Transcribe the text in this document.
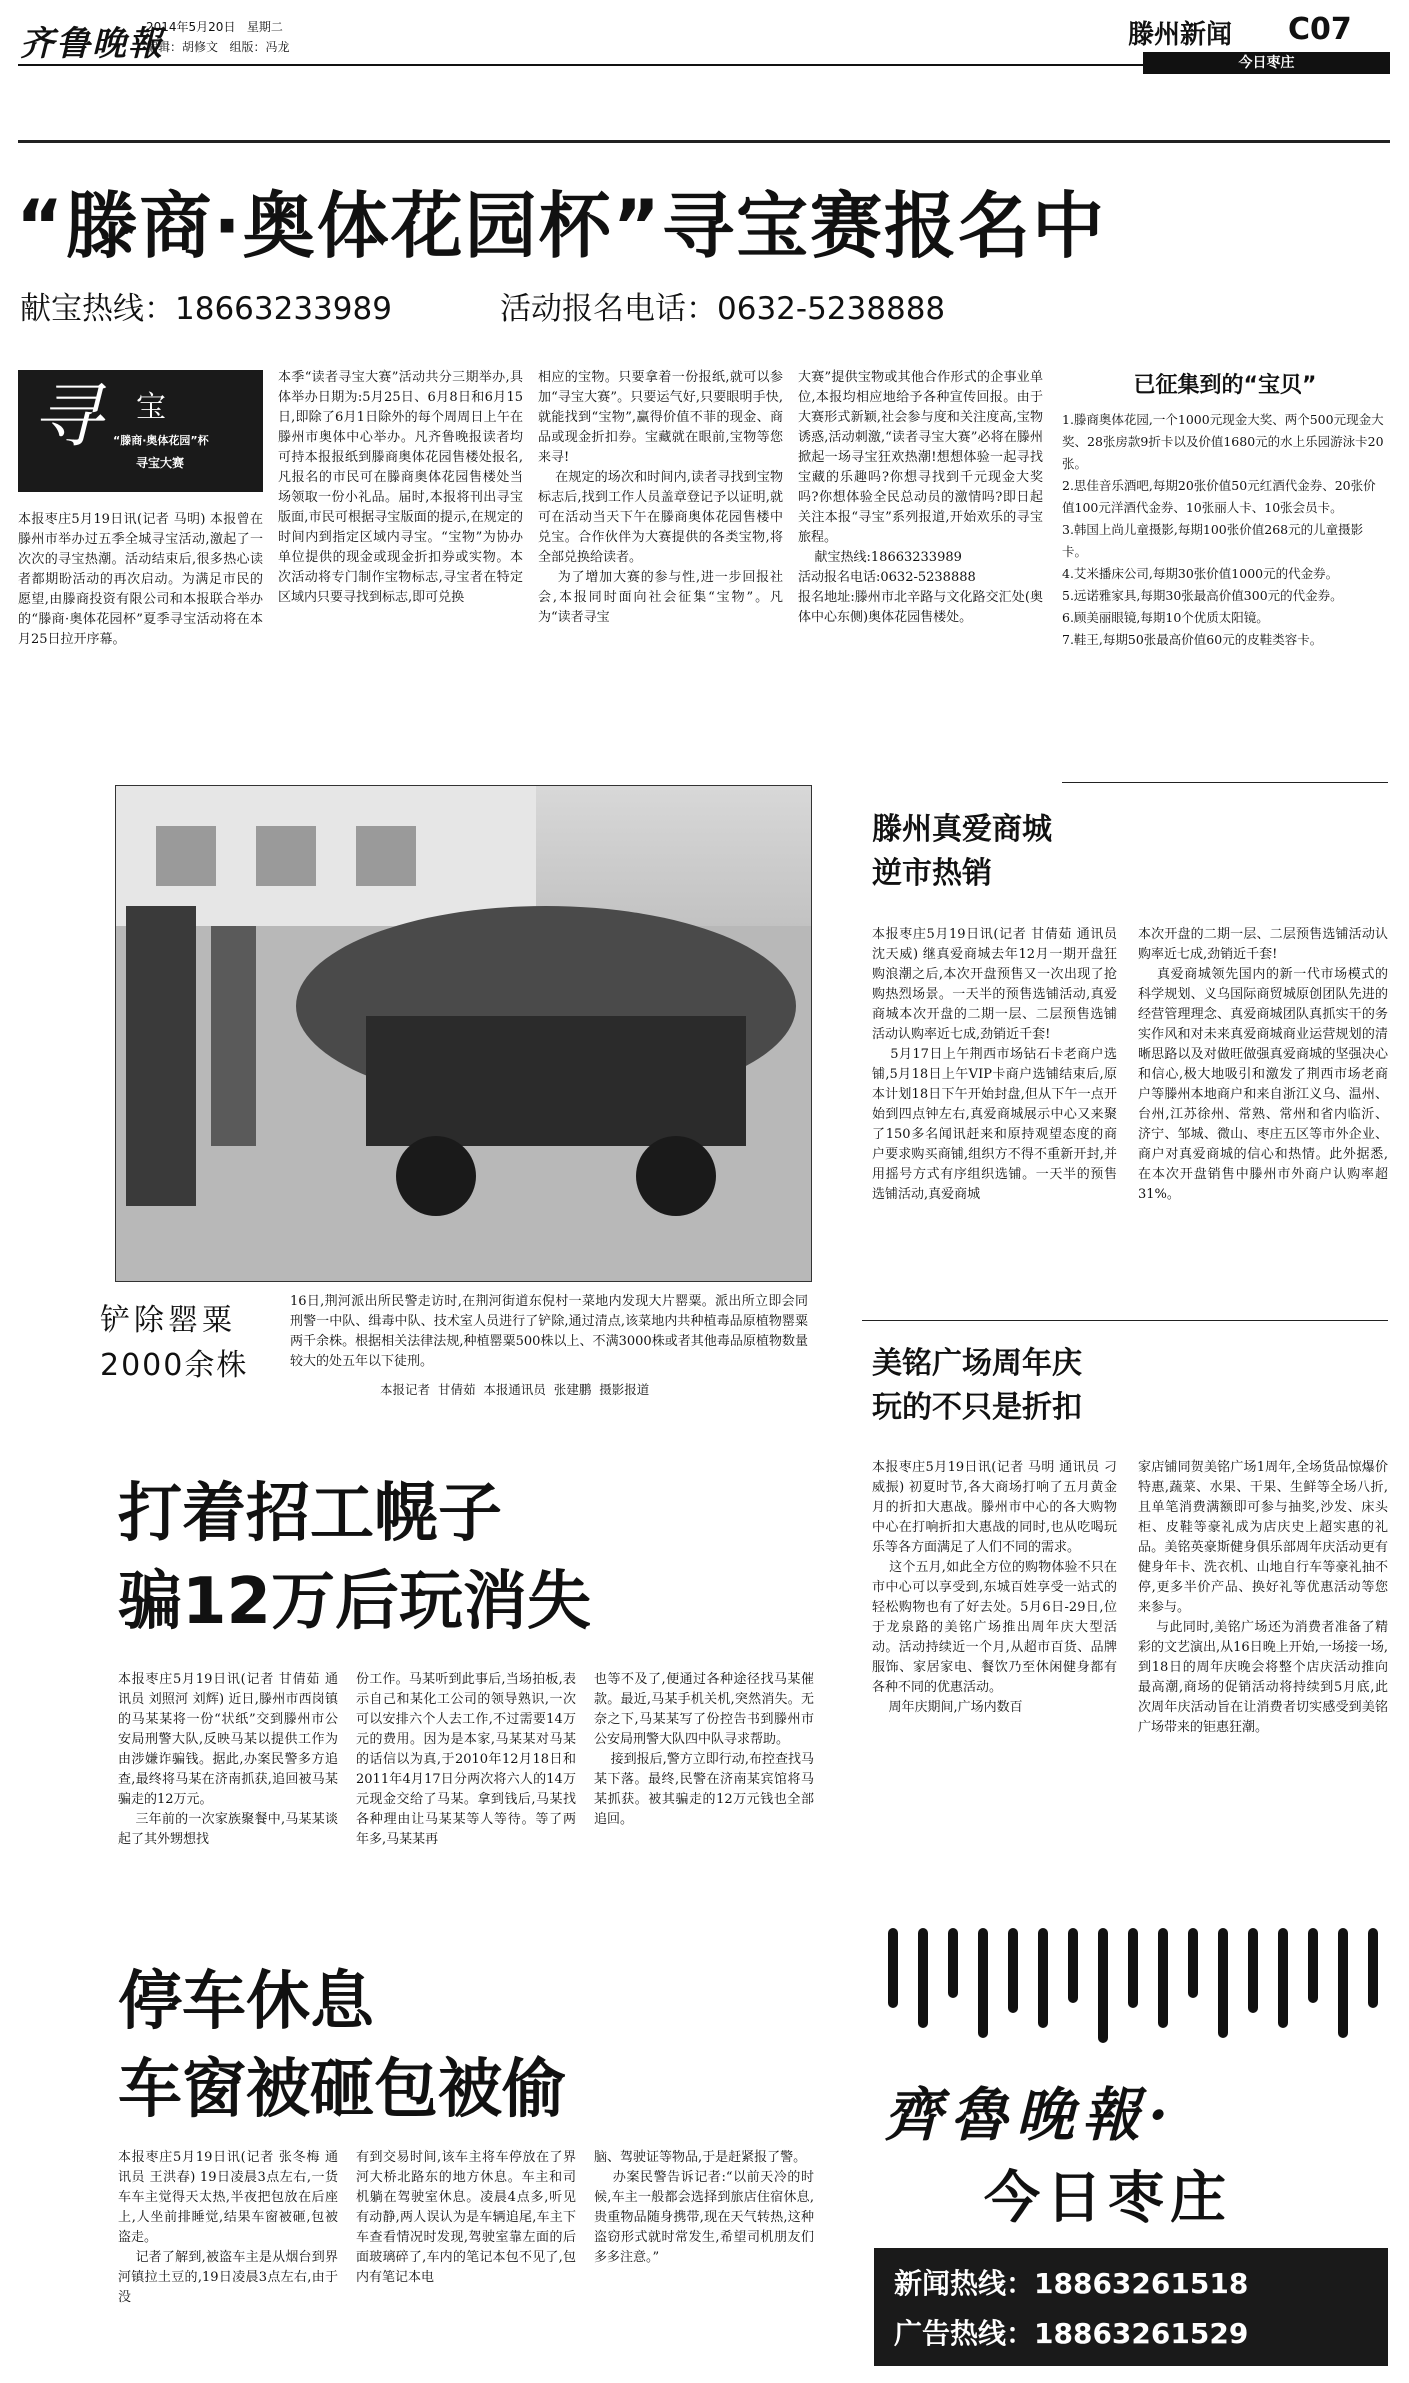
齐鲁晚報
2014年5月20日 星期二
编辑：胡修文 组版：冯龙	滕州新闻 C07
今日枣庄
“滕商·奥体花园杯”寻宝赛报名中
献宝热线：18663233989	活动报名电话：0632-5238888
寻 宝
“滕商·奥体花园”杯
寻宝大赛
本报枣庄5月19日讯(记者 马明) 本报曾在滕州市举办过五季全城寻宝活动,激起了一次次的寻宝热潮。活动结束后,很多热心读者都期盼活动的再次启动。为满足市民的愿望,由滕商投资有限公司和本报联合举办的“滕商·奥体花园杯”夏季寻宝活动将在本月25日拉开序幕。
本季“读者寻宝大赛”活动共分三期举办,具体举办日期为:5月25日、6月8日和6月15日,即除了6月1日除外的每个周周日上午在滕州市奥体中心举办。凡齐鲁晚报读者均可持本报报纸到滕商奥体花园售楼处报名,凡报名的市民可在滕商奥体花园售楼处当场领取一份小礼品。届时,本报将刊出寻宝版面,市民可根据寻宝版面的提示,在规定的时间内到指定区域内寻宝。“宝物”为协办单位提供的现金或现金折扣券或实物。本次活动将专门制作宝物标志,寻宝者在特定区域内只要寻找到标志,即可兑换
相应的宝物。只要拿着一份报纸,就可以参加“寻宝大赛”。只要运气好,只要眼明手快,就能找到“宝物”,赢得价值不菲的现金、商品或现金折扣券。宝藏就在眼前,宝物等您来寻!
在规定的场次和时间内,读者寻找到宝物标志后,找到工作人员盖章登记予以证明,就可在活动当天下午在滕商奥体花园售楼中兑宝。合作伙伴为大赛提供的各类宝物,将全部兑换给读者。
为了增加大赛的参与性,进一步回报社会,本报同时面向社会征集“宝物”。凡为“读者寻宝
大赛”提供宝物或其他合作形式的企事业单位,本报均相应地给予各种宣传回报。由于大赛形式新颖,社会参与度和关注度高,宝物诱惑,活动刺激,“读者寻宝大赛”必将在滕州掀起一场寻宝狂欢热潮!想想体验一起寻找宝藏的乐趣吗?你想寻找到千元现金大奖吗?你想体验全民总动员的激情吗?即日起关注本报“寻宝”系列报道,开始欢乐的寻宝旅程。
献宝热线:18663233989
活动报名电话:0632-5238888
报名地址:滕州市北辛路与文化路交汇处(奥体中心东侧)奥体花园售楼处。
已征集到的“宝贝”
1.滕商奥体花园,一个1000元现金大奖、两个500元现金大奖、28张房款9折卡以及价值1680元的水上乐园游泳卡20张。
2.思佳音乐酒吧,每期20张价值50元红酒代金券、20张价值100元洋酒代金券、10张丽人卡、10张会员卡。
3.韩国上尚儿童摄影,每期100张价值268元的儿童摄影卡。
4.艾米播床公司,每期30张价值1000元的代金券。
5.远诺雅家具,每期30张最高价值300元的代金券。
6.顾美丽眼镜,每期10个优质太阳镜。
7.鞋王,每期50张最高价值60元的皮鞋类容卡。
铲除罂粟
2000余株
16日,荆河派出所民警走访时,在荆河街道东倪村一菜地内发现大片罂粟。派出所立即会同刑警一中队、缉毒中队、技术室人员进行了铲除,通过清点,该菜地内共种植毒品原植物罂粟两千余株。根据相关法律法规,种植罂粟500株以上、不满3000株或者其他毒品原植物数量较大的处五年以下徒刑。
本报记者  甘倩茹  本报通讯员  张建鹏  摄影报道
滕州真爱商城
逆市热销
本报枣庄5月19日讯(记者 甘倩茹 通讯员 沈天威) 继真爱商城去年12月一期开盘狂购浪潮之后,本次开盘预售又一次出现了抢购热烈场景。一天半的预售选铺活动,真爱商城本次开盘的二期一层、二层预售选铺活动认购率近七成,劲销近千套!
5月17日上午荆西市场钻石卡老商户选铺,5月18日上午VIP卡商户选铺结束后,原本计划18日下午开始封盘,但从下午一点开始到四点钟左右,真爱商城展示中心又来聚了150多名闻讯赶来和原持观望态度的商户要求购买商铺,组织方不得不重新开封,并用摇号方式有序组织选铺。一天半的预售选铺活动,真爱商城
本次开盘的二期一层、二层预售选铺活动认购率近七成,劲销近千套!
真爱商城领先国内的新一代市场模式的科学规划、义乌国际商贸城原创团队先进的经营管理理念、真爱商城团队真抓实干的务实作风和对未来真爱商城商业运营规划的清晰思路以及对做旺做强真爱商城的坚强决心和信心,极大地吸引和激发了荆西市场老商户等滕州本地商户和来自浙江义乌、温州、台州,江苏徐州、常熟、常州和省内临沂、济宁、邹城、微山、枣庄五区等市外企业、商户对真爱商城的信心和热情。此外据悉,在本次开盘销售中滕州市外商户认购率超31%。
美铭广场周年庆
玩的不只是折扣
本报枣庄5月19日讯(记者 马明 通讯员 刁威振) 初夏时节,各大商场打响了五月黄金月的折扣大惠战。滕州市中心的各大购物中心在打响折扣大惠战的同时,也从吃喝玩乐等各方面满足了人们不同的需求。
这个五月,如此全方位的购物体验不只在市中心可以享受到,东城百姓享受一站式的轻松购物也有了好去处。5月6日-29日,位于龙泉路的美铭广场推出周年庆大型活动。活动持续近一个月,从超市百货、品牌服饰、家居家电、餐饮乃至休闲健身都有各种不同的优惠活动。
周年庆期间,广场内数百
家店铺同贺美铭广场1周年,全场货品惊爆价特惠,蔬菜、水果、干果、生鲜等全场八折,且单笔消费满额即可参与抽奖,沙发、床头柜、皮鞋等豪礼成为店庆史上超实惠的礼品。美铭英豪斯健身俱乐部周年庆活动更有健身年卡、洗衣机、山地自行车等豪礼抽不停,更多半价产品、换好礼等优惠活动等您来参与。
与此同时,美铭广场还为消费者准备了精彩的文艺演出,从16日晚上开始,一场接一场,到18日的周年庆晚会将整个店庆活动推向最高潮,商场的促销活动将持续到5月底,此次周年庆活动旨在让消费者切实感受到美铭广场带来的钜惠狂潮。
打着招工幌子
骗12万后玩消失
本报枣庄5月19日讯(记者 甘倩茹 通讯员 刘照河 刘辉) 近日,滕州市西岗镇的马某某将一份“状纸”交到滕州市公安局刑警大队,反映马某以提供工作为由涉嫌诈骗钱。据此,办案民警多方追查,最终将马某在济南抓获,追回被马某骗走的12万元。
三年前的一次家族聚餐中,马某某谈起了其外甥想找
份工作。马某听到此事后,当场拍板,表示自己和某化工公司的领导熟识,一次可以安排六个人去工作,不过需要14万元的费用。因为是本家,马某某对马某的话信以为真,于2010年12月18日和2011年4月17日分两次将六人的14万元现金交给了马某。拿到钱后,马某找各种理由让马某某等人等待。等了两年多,马某某再
也等不及了,便通过各种途径找马某催款。最近,马某手机关机,突然消失。无奈之下,马某某写了份控告书到滕州市公安局刑警大队四中队寻求帮助。
接到报后,警方立即行动,布控查找马某下落。最终,民警在济南某宾馆将马某抓获。被其骗走的12万元钱也全部追回。
停车休息
车窗被砸包被偷
本报枣庄5月19日讯(记者 张冬梅 通讯员 王洪春) 19日凌晨3点左右,一货车车主觉得天太热,半夜把包放在后座上,人坐前排睡觉,结果车窗被砸,包被盗走。
记者了解到,被盗车主是从烟台到界河镇拉土豆的,19日凌晨3点左右,由于没
有到交易时间,该车主将车停放在了界河大桥北路东的地方休息。车主和司机躺在驾驶室休息。凌晨4点多,听见有动静,两人误认为是车辆追尾,车主下车查看情况时发现,驾驶室靠左面的后面玻璃碎了,车内的笔记本包不见了,包内有笔记本电
脑、驾驶证等物品,于是赶紧报了警。
办案民警告诉记者:“以前天冷的时候,车主一般都会选择到旅店住宿休息,贵重物品随身携带,现在天气转热,这种盗窃形式就时常发生,希望司机朋友们多多注意。”
齊魯晚報·
今日枣庄
新闻热线：18863261518
广告热线：18863261529
